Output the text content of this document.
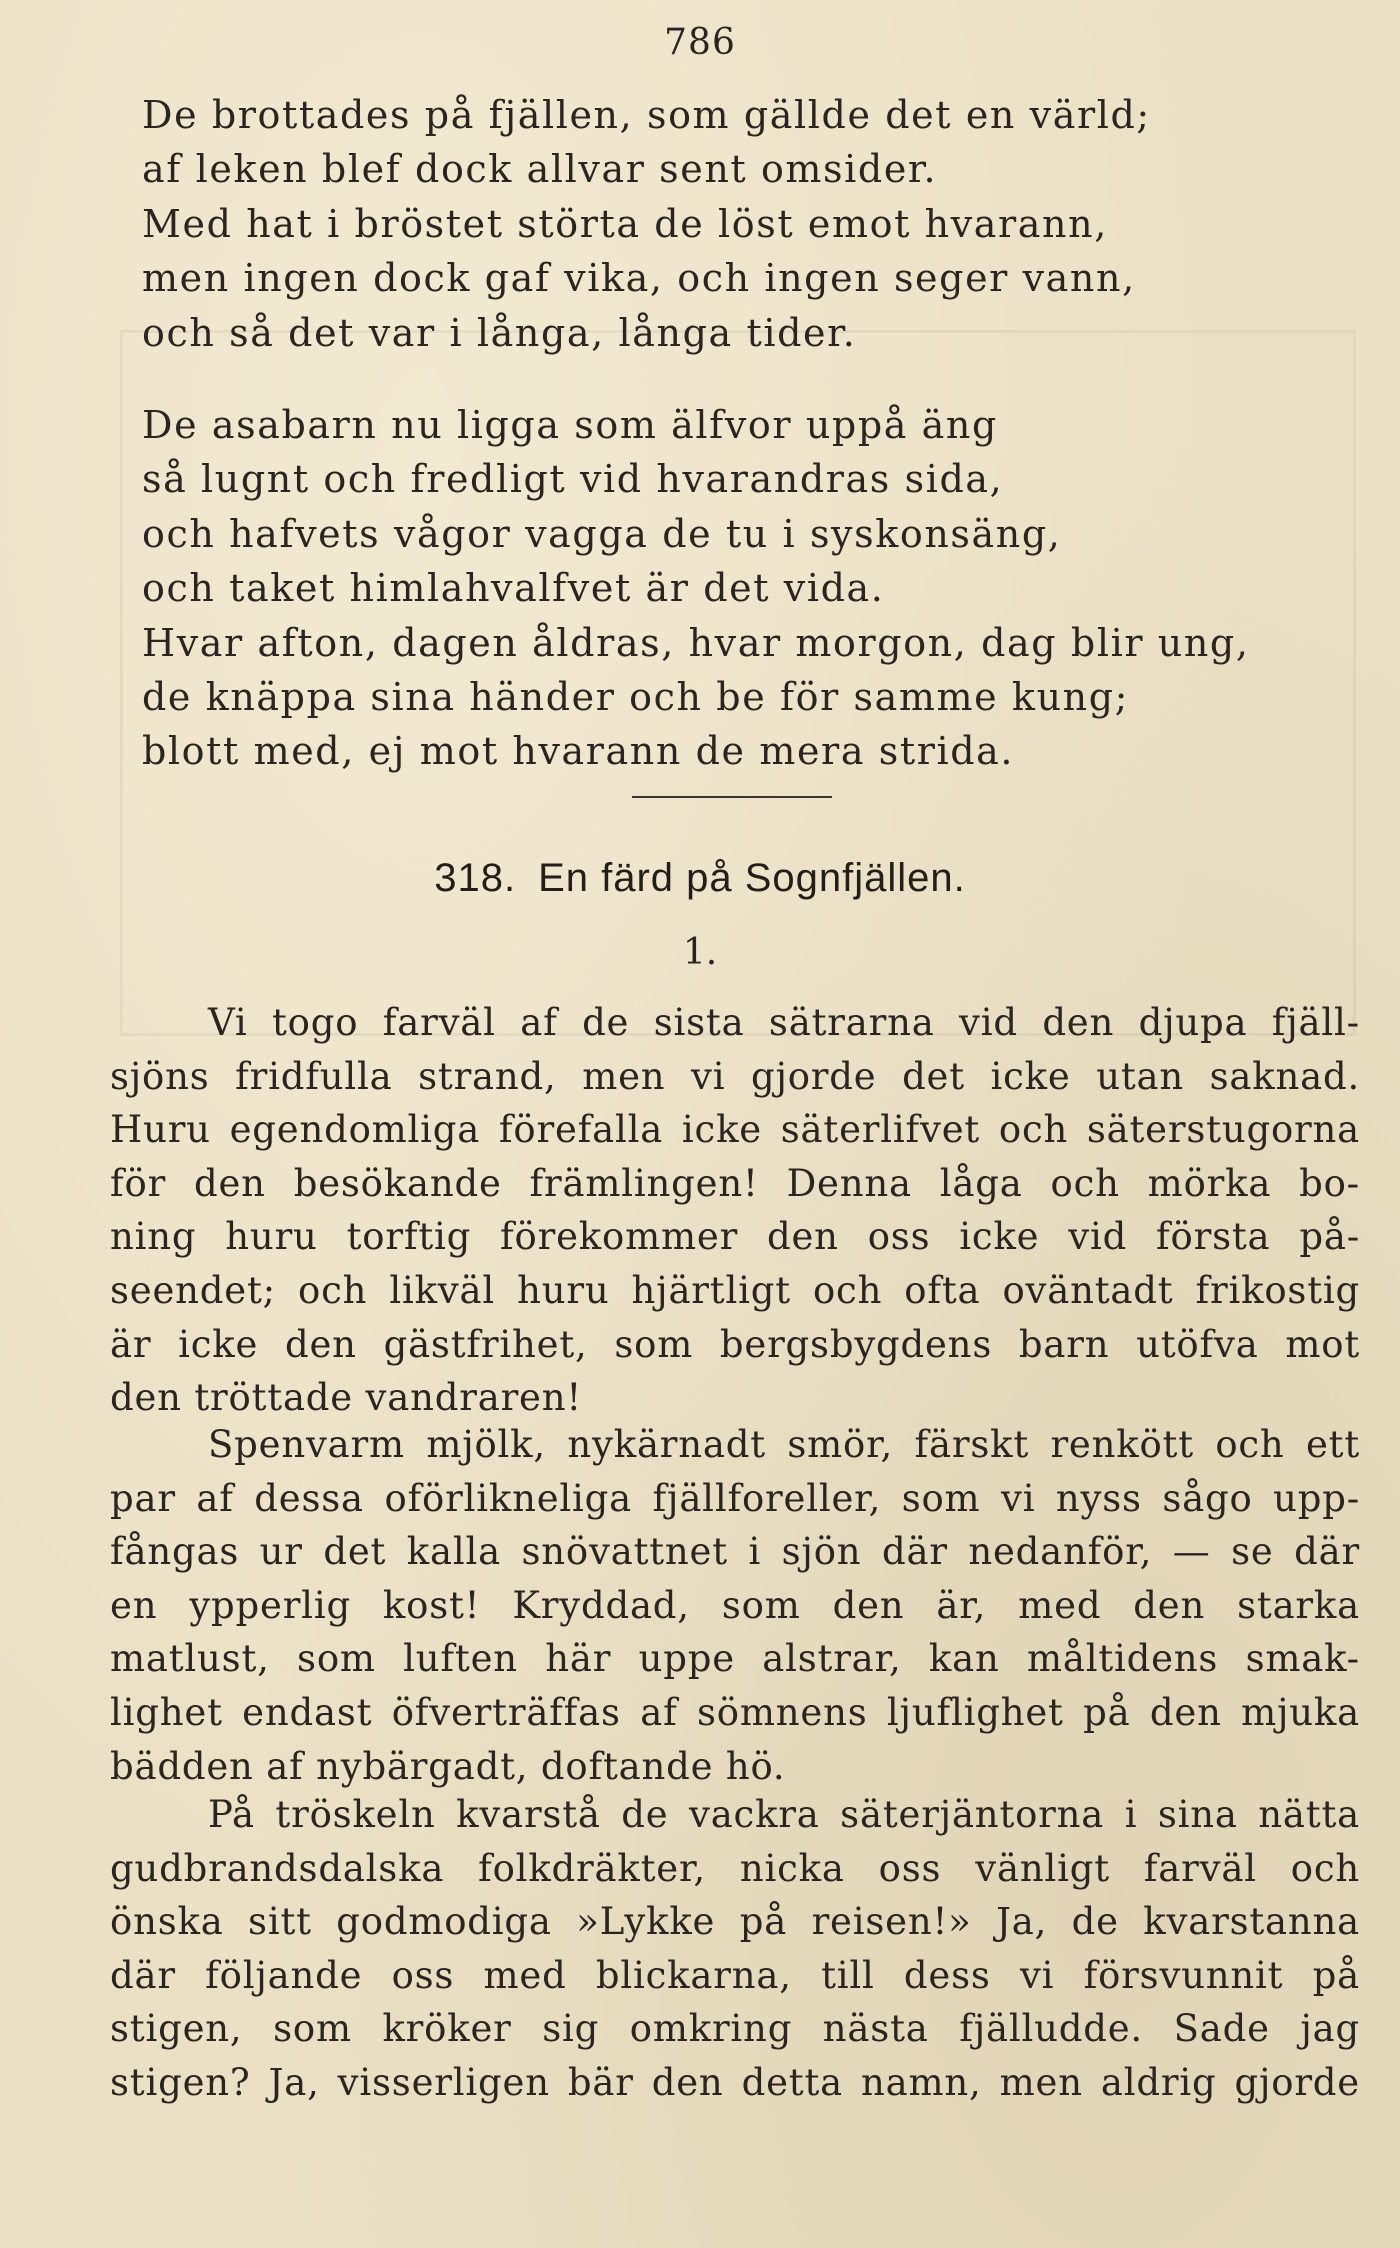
786
De brottades på fjällen, som gällde det en värld;
af leken blef dock allvar sent omsider.
Med hat i bröstet störta de löst emot hvarann,
men ingen dock gaf vika, och ingen seger vann,
och så det var i långa, långa tider.
De asabarn nu ligga som älfvor uppå äng
så lugnt och fredligt vid hvarandras sida,
och hafvets vågor vagga de tu i syskonsäng,
och taket himlahvalfvet är det vida.
Hvar afton, dagen åldras, hvar morgon, dag blir ung,
de knäppa sina händer och be för samme kung;
blott med, ej mot hvarann de mera strida.
318. En färd på Sognfjällen.
1.
Vi togo farväl af de sista sätrarna vid den djupa fjäll-
sjöns fridfulla strand, men vi gjorde det icke utan saknad.
Huru egendomliga förefalla icke säterlifvet och säterstugorna
för den besökande främlingen! Denna låga och mörka bo-
ning huru torftig förekommer den oss icke vid första på-
seendet; och likväl huru hjärtligt och ofta oväntadt frikostig
är icke den gästfrihet, som bergsbygdens barn utöfva mot
den tröttade vandraren!
Spenvarm mjölk, nykärnadt smör, färskt renkött och ett
par af dessa oförlikneliga fjällforeller, som vi nyss sågo upp-
fångas ur det kalla snövattnet i sjön där nedanför, — se där
en ypperlig kost! Kryddad, som den är, med den starka
matlust, som luften här uppe alstrar, kan måltidens smak-
lighet endast öfverträffas af sömnens ljuflighet på den mjuka
bädden af nybärgadt, doftande hö.
På tröskeln kvarstå de vackra säterjäntorna i sina nätta
gudbrandsdalska folkdräkter, nicka oss vänligt farväl och
önska sitt godmodiga »Lykke på reisen!» Ja, de kvarstanna
där följande oss med blickarna, till dess vi försvunnit på
stigen, som kröker sig omkring nästa fjälludde. Sade jag
stigen? Ja, visserligen bär den detta namn, men aldrig gjorde
